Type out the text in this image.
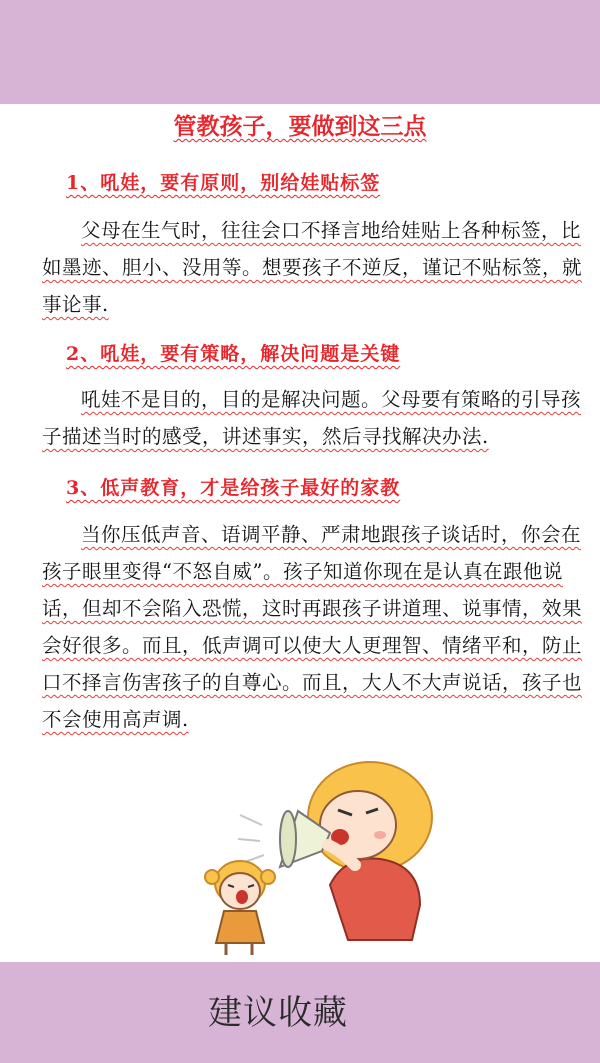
管教孩子，要做到这三点
1、吼娃，要有原则，别给娃贴标签
父母在生气时，往往会口不择言地给娃贴上各种标签，比如墨迹、胆小、没用等。想要孩子不逆反，谨记不贴标签，就事论事.
2、吼娃，要有策略，解决问题是关键
吼娃不是目的，目的是解决问题。父母要有策略的引导孩子描述当时的感受，讲述事实，然后寻找解决办法.
3、低声教育，才是给孩子最好的家教
当你压低声音、语调平静、严肃地跟孩子谈话时，你会在孩子眼里变得“不怒自威”。孩子知道你现在是认真在跟他说话，但却不会陷入恐慌，这时再跟孩子讲道理、说事情，效果会好很多。而且，低声调可以使大人更理智、情绪平和，防止口不择言伤害孩子的自尊心。而且，大人不大声说话，孩子也不会使用高声调.
建议收藏
